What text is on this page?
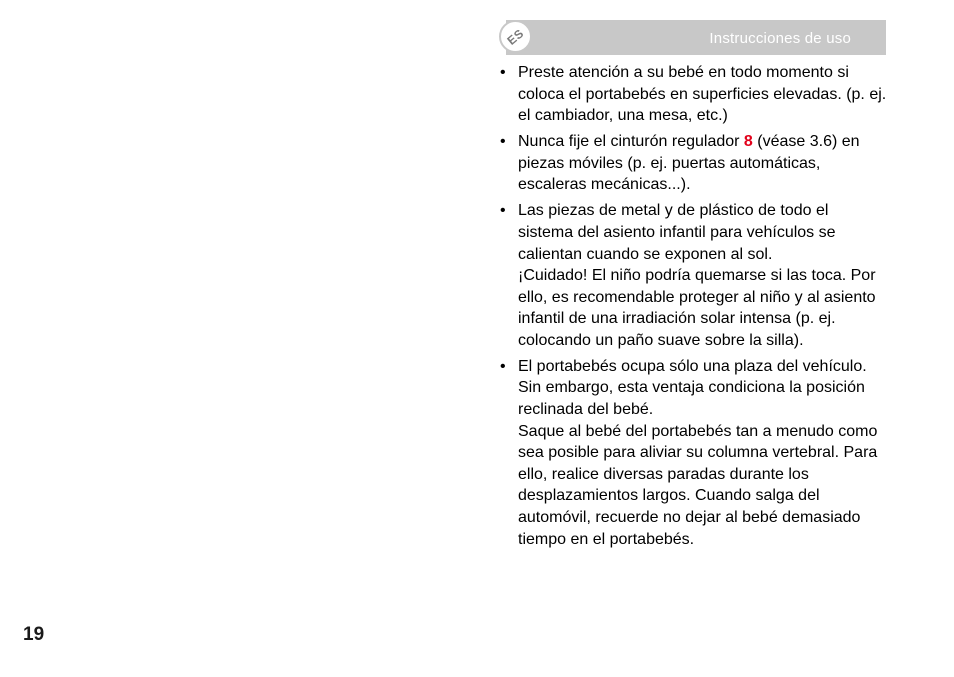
Instrucciones de uso
ES
• Preste atención a su bebé en todo momento si coloca el portabebés en superficies elevadas. (p. ej. el cambiador, una mesa, etc.)
• Nunca fije el cinturón regulador 8 (véase 3.6) en piezas móviles (p. ej. puertas automáticas, escaleras mecánicas...).
• Las piezas de metal y de plástico de todo el sistema del asiento infantil para vehículos se calientan cuando se exponen al sol.
¡Cuidado! El niño podría quemarse si las toca. Por ello, es recomendable proteger al niño y al asiento infantil de una irradiación solar intensa (p. ej. colocando un paño suave sobre la silla).
• El portabebés ocupa sólo una plaza del vehículo. Sin embargo, esta ventaja condiciona la posición reclinada del bebé.
Saque al bebé del portabebés tan a menudo como sea posible para aliviar su columna vertebral. Para ello, realice diversas paradas durante los desplazamientos largos. Cuando salga del automóvil, recuerde no dejar al bebé demasiado tiempo en el portabebés.
19
